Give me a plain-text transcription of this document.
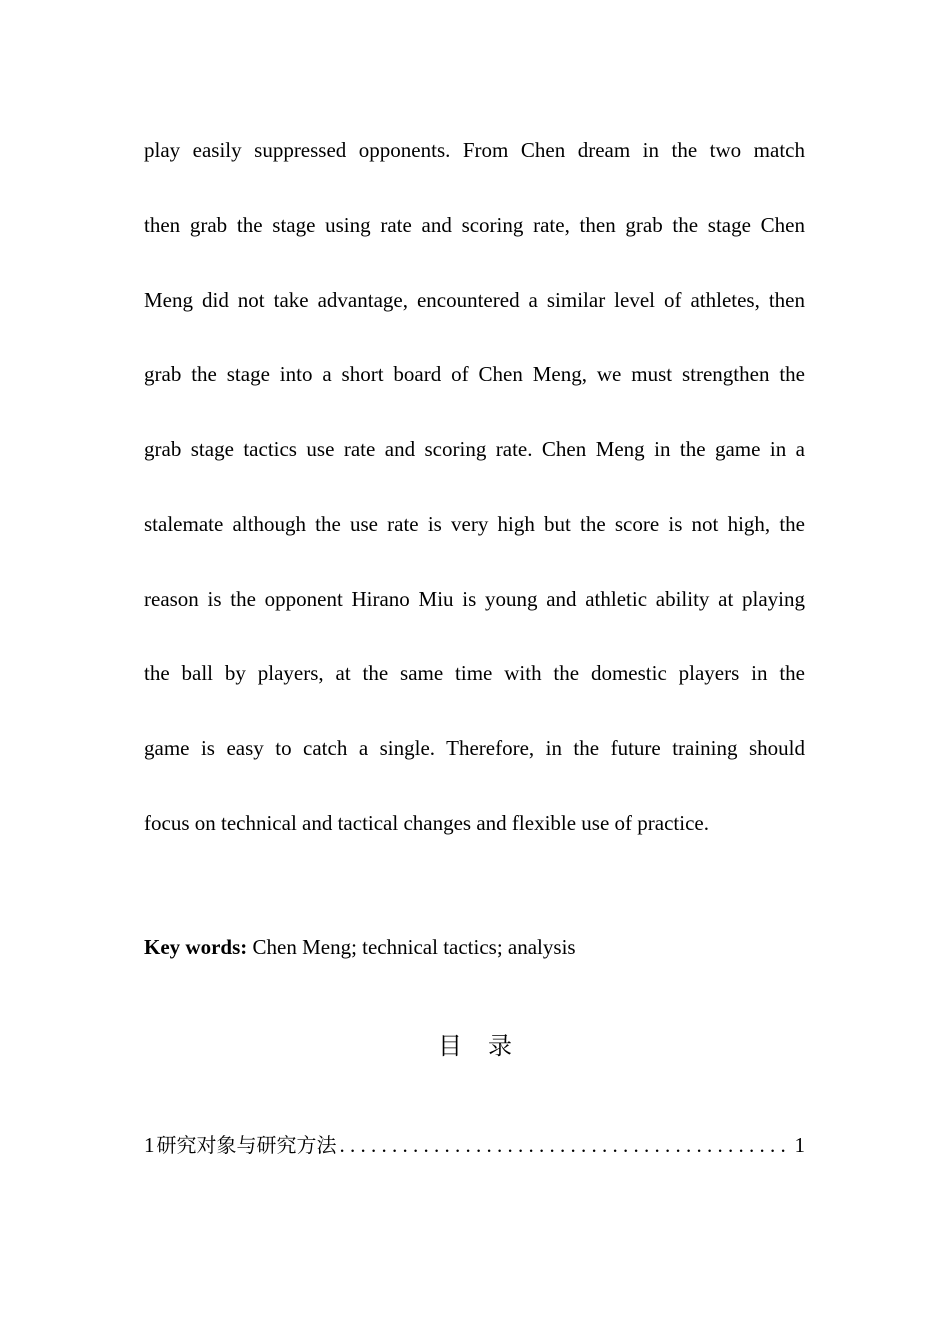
play easily suppressed opponents. From Chen dream in the two match
then grab the stage using rate and scoring rate, then grab the stage Chen
Meng did not take advantage, encountered a similar level of athletes, then
grab the stage into a short board of Chen Meng, we must strengthen the
grab stage tactics use rate and scoring rate. Chen Meng in the game in a
stalemate although the use rate is very high but the score is not high, the
reason is the opponent Hirano Miu is young and athletic ability at playing
the ball by players, at the same time with the domestic players in the
game is easy to catch a single. Therefore, in the future training should
focus on technical and tactical changes and flexible use of practice.
Key words: Chen Meng; technical tactics; analysis
目录
1 研究对象与研究方法
. . .	1
